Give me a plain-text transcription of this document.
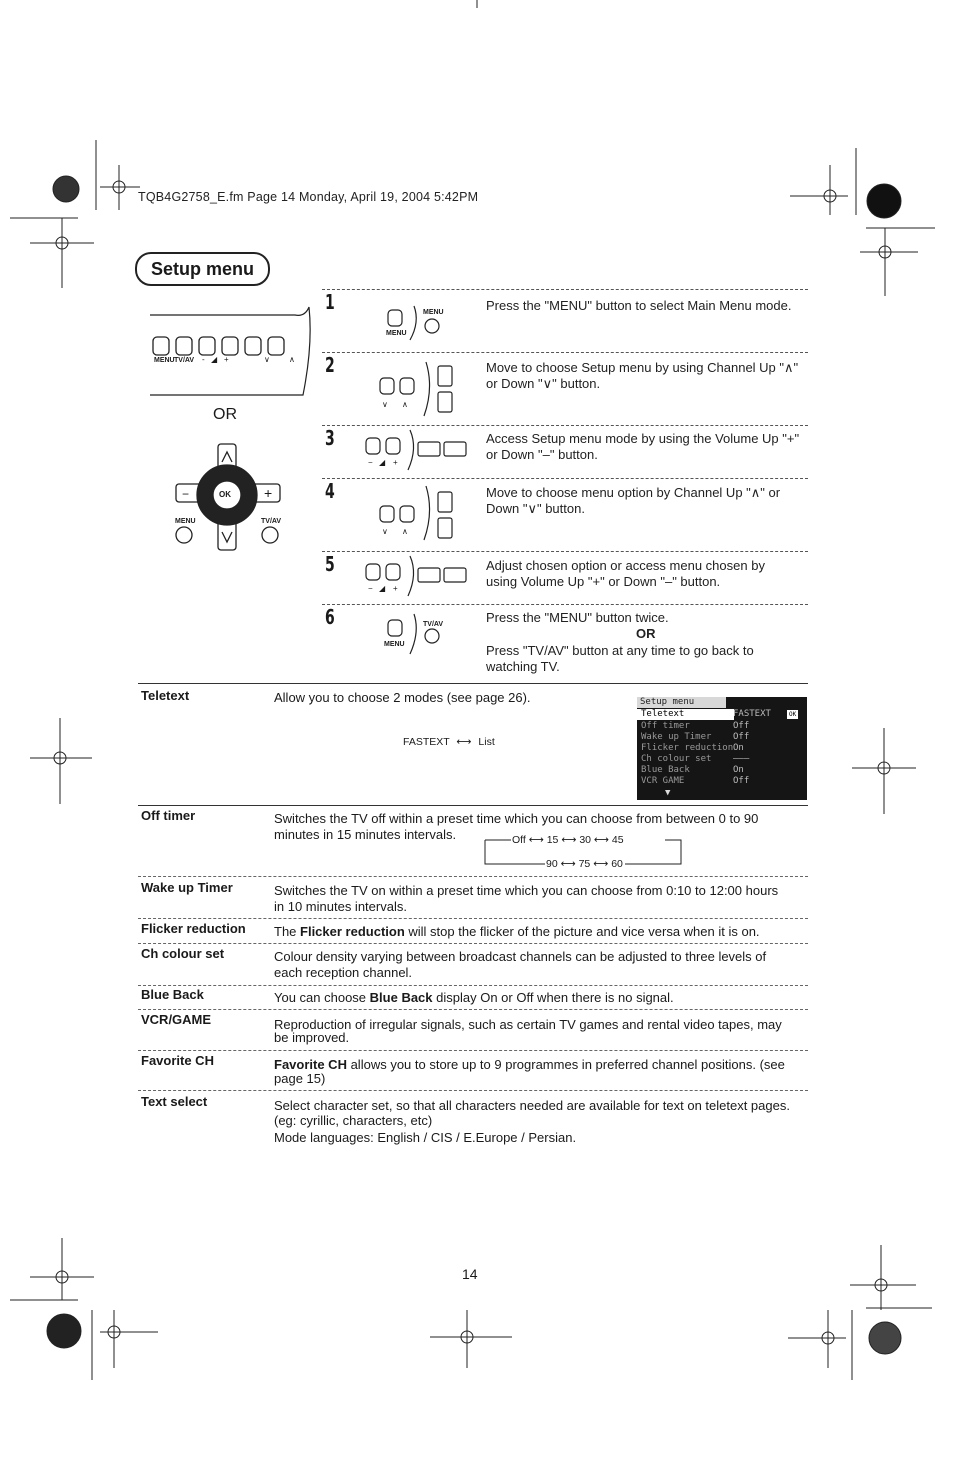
TQB4G2758_E.fm Page 14 Monday, April 19, 2004 5:42PM
Setup menu
MENU TV/AV - ◢ +	∨ ∧
OR
OK
−	+
MENU	TV/AV
1
MENU
MENU	Press the "MENU" button to select Main Menu mode.
2
∨ ∧
Move to choose Setup menu by using Channel Up "∧"
or Down "∨" button.
3
− ◢ +
Access Setup menu mode by using the Volume Up "+"
or Down "–" button.
4
∨ ∧
Move to choose menu option by Channel Up "∧" or
Down "∨" button.
5
− ◢ +
Adjust chosen option or access menu chosen by
using Volume Up "+" or Down "–" button.
6	TV/AV
MENU
Press the "MENU" button twice.
OR
Press "TV/AV" button at any time to go back to
watching TV.
Teletext	Allow you to choose 2 modes (see page 26).
FASTEXT ⟷ List
Setup menu
Teletext	FASTEXT	OK
Off timer	Off
Wake up Timer Off
Flicker reduction On
Ch colour set ———
Blue Back	On
VCR GAME	Off
▼
Off timer	Switches the TV off within a preset time which you can choose from between 0 to 90
minutes in 15 minutes intervals.	Off ⟷ 15 ⟷ 30 ⟷ 45
90 ⟷ 75 ⟷ 60
Wake up Timer	Switches the TV on within a preset time which you can choose from 0:10 to 12:00 hours
in 10 minutes intervals.
Flicker reduction The Flicker reduction will stop the flicker of the picture and vice versa when it is on.
Ch colour set	Colour density varying between broadcast channels can be adjusted to three levels of
each reception channel.
Blue Back	You can choose Blue Back display On or Off when there is no signal.
VCR/GAME	Reproduction of irregular signals, such as certain TV games and rental video tapes, may
be improved.
Favorite CH	Favorite CH allows you to store up to 9 programmes in preferred channel positions. (see
page 15)
Text select	Select character set, so that all characters needed are available for text on teletext pages.
(eg: cyrillic, characters, etc)
Mode languages: English / CIS / E.Europe / Persian.
14
